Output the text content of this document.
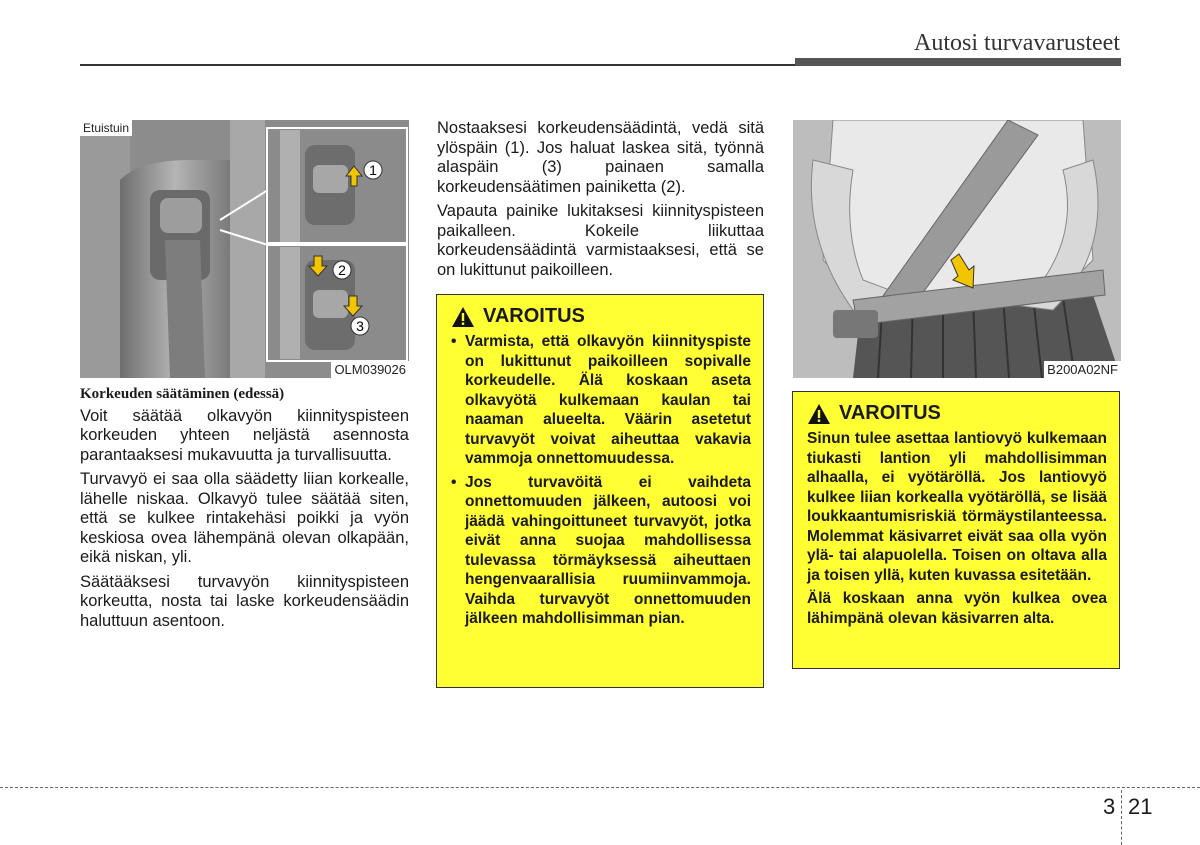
Autosi turvavarusteet
1
2
3
Etuistuin
OLM039026
Korkeuden säätäminen (edessä)

Voit säätää olkavyön kiinnityspisteen korkeuden yhteen neljästä asennosta parantaaksesi mukavuutta ja turvallisuutta.

Turvavyö ei saa olla säädetty liian korkealle, lähelle niskaa. Olkavyö tulee säätää siten, että se kulkee rintakehäsi poikki ja vyön keskiosa ovea lähempänä olevan olkapään, eikä niskan, yli.

Säätääksesi turvavyön kiinnityspisteen korkeutta, nosta tai laske korkeudensäädin haluttuun asentoon.

Nostaaksesi korkeudensäädintä, vedä sitä ylöspäin (1). Jos haluat laskea sitä, työnnä alaspäin (3) painaen samalla korkeudensäätimen painiketta (2).

Vapauta painike lukitaksesi kiinnityspisteen paikalleen. Kokeile liikuttaa korkeudensäädintä varmistaaksesi, että se on lukittunut paikoilleen.

VAROITUS
• Varmista, että olkavyön kiinnityspiste on lukittunut paikoilleen sopivalle korkeudelle. Älä koskaan aseta olkavyötä kulkemaan kaulan tai naaman alueelta. Väärin asetetut turvavyöt voivat aiheuttaa vakavia vammoja onnettomuudessa.
• Jos turvavöitä ei vaihdeta onnettomuuden jälkeen, autoosi voi jäädä vahingoittuneet turvavyöt, jotka eivät anna suojaa mahdollisessa tulevassa törmäyksessä aiheuttaen hengenvaarallisia ruumiinvammoja. Vaihda turvavyöt onnettomuuden jälkeen mahdollisimman pian.
B200A02NF
VAROITUS

Sinun tulee asettaa lantiovyö kulkemaan tiukasti lantion yli mahdollisimman alhaalla, ei vyötäröllä. Jos lantiovyö kulkee liian korkealla vyötäröllä, se lisää loukkaantumisriskiä törmäystilanteessa. Molemmat käsivarret eivät saa olla vyön ylä- tai alapuolella. Toisen on oltava alla ja toisen yllä, kuten kuvassa esitetään.

Älä koskaan anna vyön kulkea ovea lähimpänä olevan käsivarren alta.

3 21
